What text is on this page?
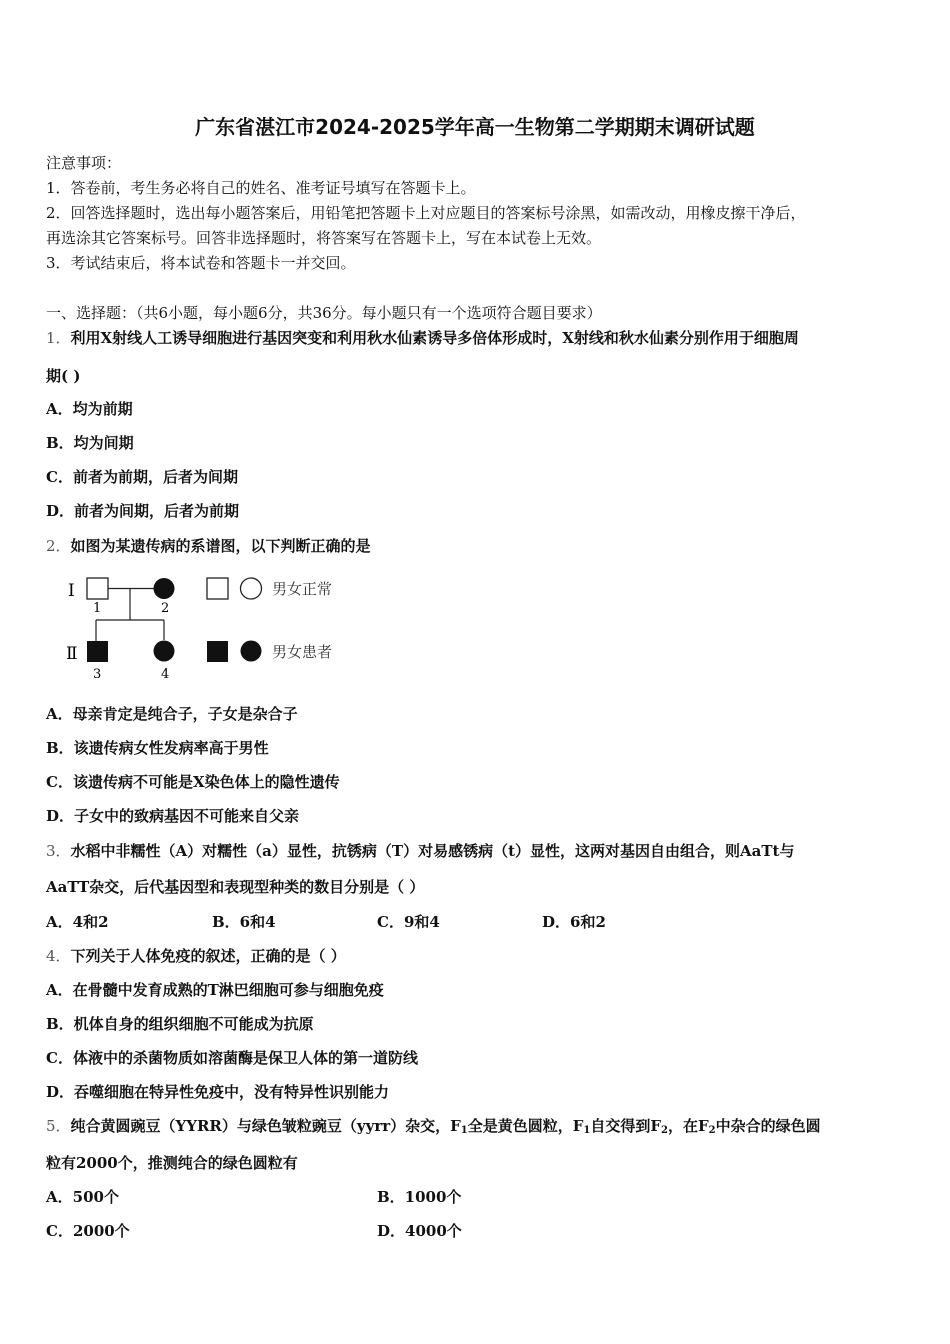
广东省湛江市2024-2025学年高一生物第二学期期末调研试题
注意事项：
1．答卷前，考生务必将自己的姓名、准考证号填写在答题卡上。
2．回答选择题时，选出每小题答案后，用铅笔把答题卡上对应题目的答案标号涂黑，如需改动，用橡皮擦干净后，
再选涂其它答案标号。回答非选择题时，将答案写在答题卡上，写在本试卷上无效。
3．考试结束后，将本试卷和答题卡一并交回。
一、选择题：（共6小题，每小题6分，共36分。每小题只有一个选项符合题目要求）
1．利用X射线人工诱导细胞进行基因突变和利用秋水仙素诱导多倍体形成时，X射线和秋水仙素分别作用于细胞周
期( )
A．均为前期
B．均为间期
C．前者为前期，后者为间期
D．前者为间期，后者为前期
2．如图为某遗传病的系谱图，以下判断正确的是
Ⅰ
Ⅱ
1	2
3	4
男女正常
男女患者
A．母亲肯定是纯合子，子女是杂合子
B．该遗传病女性发病率高于男性
C．该遗传病不可能是X染色体上的隐性遗传
D．子女中的致病基因不可能来自父亲
3．水稻中非糯性（A）对糯性（a）显性，抗锈病（T）对易感锈病（t）显性，这两对基因自由组合，则AaTt与
AaTT杂交，后代基因型和表现型种类的数目分别是（ ）
A．4和2	B．6和4	C．9和4	D．6和2
4．下列关于人体免疫的叙述，正确的是（ ）
A．在骨髓中发育成熟的T淋巴细胞可参与细胞免疫
B．机体自身的组织细胞不可能成为抗原
C．体液中的杀菌物质如溶菌酶是保卫人体的第一道防线
D．吞噬细胞在特异性免疫中，没有特异性识别能力
5．纯合黄圆豌豆（YYRR）与绿色皱粒豌豆（yyrr）杂交，$F_1$全是黄色圆粒，$F_1$自交得到$F_2$，在$F_2$中杂合的绿色圆
粒有2000个，推测纯合的绿色圆粒有
A．500个	B．1000个
C．2000个	D．4000个
